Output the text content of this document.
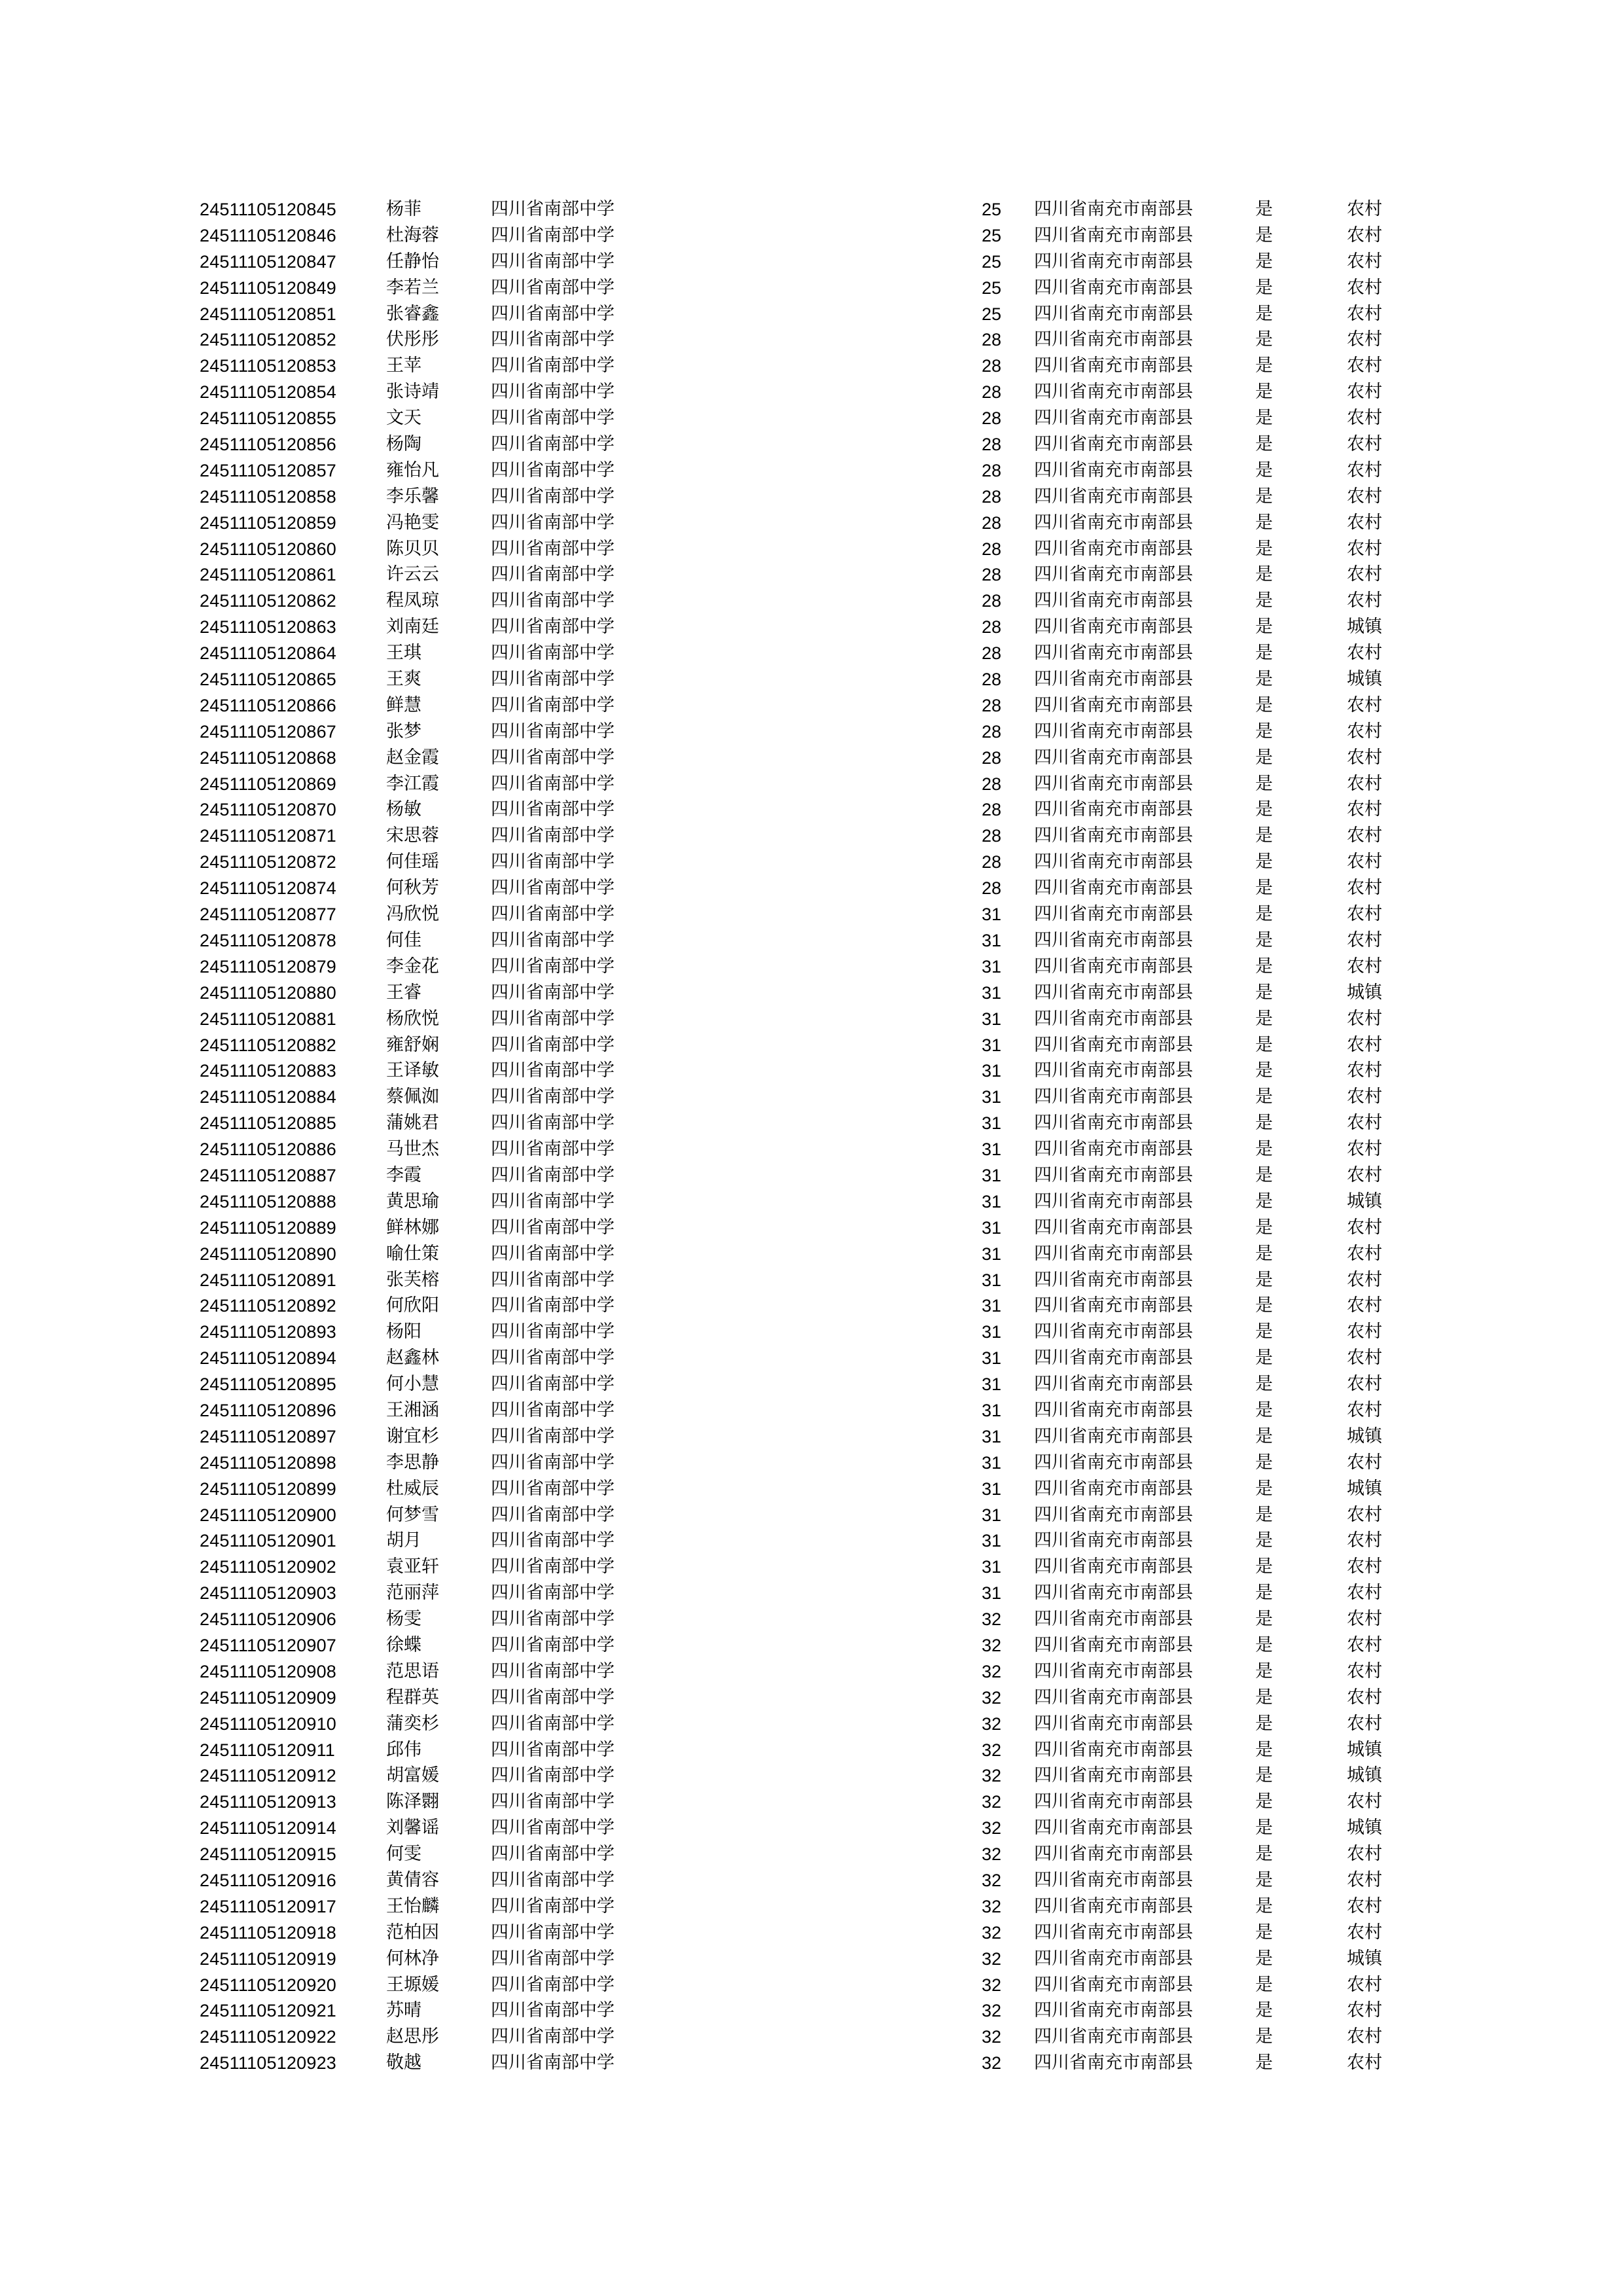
24511105120845	杨菲	四川省南部中学	25 四川省南充市南部县	是	农村
24511105120846	杜海蓉	四川省南部中学	25 四川省南充市南部县	是	农村
24511105120847	任静怡	四川省南部中学	25 四川省南充市南部县	是	农村
24511105120849	李若兰	四川省南部中学	25 四川省南充市南部县	是	农村
24511105120851	张睿鑫	四川省南部中学	25 四川省南充市南部县	是	农村
24511105120852	伏彤彤	四川省南部中学	28 四川省南充市南部县	是	农村
24511105120853	王苹	四川省南部中学	28 四川省南充市南部县	是	农村
24511105120854	张诗靖	四川省南部中学	28 四川省南充市南部县	是	农村
24511105120855	文天	四川省南部中学	28 四川省南充市南部县	是	农村
24511105120856	杨陶	四川省南部中学	28 四川省南充市南部县	是	农村
24511105120857	雍怡凡	四川省南部中学	28 四川省南充市南部县	是	农村
24511105120858	李乐馨	四川省南部中学	28 四川省南充市南部县	是	农村
24511105120859	冯艳雯	四川省南部中学	28 四川省南充市南部县	是	农村
24511105120860	陈贝贝	四川省南部中学	28 四川省南充市南部县	是	农村
24511105120861	许云云	四川省南部中学	28 四川省南充市南部县	是	农村
24511105120862	程凤琼	四川省南部中学	28 四川省南充市南部县	是	农村
24511105120863	刘南廷	四川省南部中学	28 四川省南充市南部县	是	城镇
24511105120864	王琪	四川省南部中学	28 四川省南充市南部县	是	农村
24511105120865	王爽	四川省南部中学	28 四川省南充市南部县	是	城镇
24511105120866	鲜慧	四川省南部中学	28 四川省南充市南部县	是	农村
24511105120867	张梦	四川省南部中学	28 四川省南充市南部县	是	农村
24511105120868	赵金霞	四川省南部中学	28 四川省南充市南部县	是	农村
24511105120869	李江霞	四川省南部中学	28 四川省南充市南部县	是	农村
24511105120870	杨敏	四川省南部中学	28 四川省南充市南部县	是	农村
24511105120871	宋思蓉	四川省南部中学	28 四川省南充市南部县	是	农村
24511105120872	何佳瑶	四川省南部中学	28 四川省南充市南部县	是	农村
24511105120874	何秋芳	四川省南部中学	28 四川省南充市南部县	是	农村
24511105120877	冯欣悦	四川省南部中学	31 四川省南充市南部县	是	农村
24511105120878	何佳	四川省南部中学	31 四川省南充市南部县	是	农村
24511105120879	李金花	四川省南部中学	31 四川省南充市南部县	是	农村
24511105120880	王睿	四川省南部中学	31 四川省南充市南部县	是	城镇
24511105120881	杨欣悦	四川省南部中学	31 四川省南充市南部县	是	农村
24511105120882	雍舒娴	四川省南部中学	31 四川省南充市南部县	是	农村
24511105120883	王译敏	四川省南部中学	31 四川省南充市南部县	是	农村
24511105120884	蔡佩洳	四川省南部中学	31 四川省南充市南部县	是	农村
24511105120885	蒲姚君	四川省南部中学	31 四川省南充市南部县	是	农村
24511105120886	马世杰	四川省南部中学	31 四川省南充市南部县	是	农村
24511105120887	李霞	四川省南部中学	31 四川省南充市南部县	是	农村
24511105120888	黄思瑜	四川省南部中学	31 四川省南充市南部县	是	城镇
24511105120889	鲜林娜	四川省南部中学	31 四川省南充市南部县	是	农村
24511105120890	喻仕策	四川省南部中学	31 四川省南充市南部县	是	农村
24511105120891	张芙榕	四川省南部中学	31 四川省南充市南部县	是	农村
24511105120892	何欣阳	四川省南部中学	31 四川省南充市南部县	是	农村
24511105120893	杨阳	四川省南部中学	31 四川省南充市南部县	是	农村
24511105120894	赵鑫林	四川省南部中学	31 四川省南充市南部县	是	农村
24511105120895	何小慧	四川省南部中学	31 四川省南充市南部县	是	农村
24511105120896	王湘涵	四川省南部中学	31 四川省南充市南部县	是	农村
24511105120897	谢宜杉	四川省南部中学	31 四川省南充市南部县	是	城镇
24511105120898	李思静	四川省南部中学	31 四川省南充市南部县	是	农村
24511105120899	杜威辰	四川省南部中学	31 四川省南充市南部县	是	城镇
24511105120900	何梦雪	四川省南部中学	31 四川省南充市南部县	是	农村
24511105120901	胡月	四川省南部中学	31 四川省南充市南部县	是	农村
24511105120902	袁亚轩	四川省南部中学	31 四川省南充市南部县	是	农村
24511105120903	范丽萍	四川省南部中学	31 四川省南充市南部县	是	农村
24511105120906	杨雯	四川省南部中学	32 四川省南充市南部县	是	农村
24511105120907	徐蝶	四川省南部中学	32 四川省南充市南部县	是	农村
24511105120908	范思语	四川省南部中学	32 四川省南充市南部县	是	农村
24511105120909	程群英	四川省南部中学	32 四川省南充市南部县	是	农村
24511105120910	蒲奕杉	四川省南部中学	32 四川省南充市南部县	是	农村
24511105120911	邱伟	四川省南部中学	32 四川省南充市南部县	是	城镇
24511105120912	胡富媛	四川省南部中学	32 四川省南充市南部县	是	城镇
24511105120913	陈泽翾	四川省南部中学	32 四川省南充市南部县	是	农村
24511105120914	刘馨谣	四川省南部中学	32 四川省南充市南部县	是	城镇
24511105120915	何雯	四川省南部中学	32 四川省南充市南部县	是	农村
24511105120916	黄倩容	四川省南部中学	32 四川省南充市南部县	是	农村
24511105120917	王怡麟	四川省南部中学	32 四川省南充市南部县	是	农村
24511105120918	范柏因	四川省南部中学	32 四川省南充市南部县	是	农村
24511105120919	何林净	四川省南部中学	32 四川省南充市南部县	是	城镇
24511105120920	王塬媛	四川省南部中学	32 四川省南充市南部县	是	农村
24511105120921	苏晴	四川省南部中学	32 四川省南充市南部县	是	农村
24511105120922	赵思彤	四川省南部中学	32 四川省南充市南部县	是	农村
24511105120923	敬越	四川省南部中学	32 四川省南充市南部县	是	农村
